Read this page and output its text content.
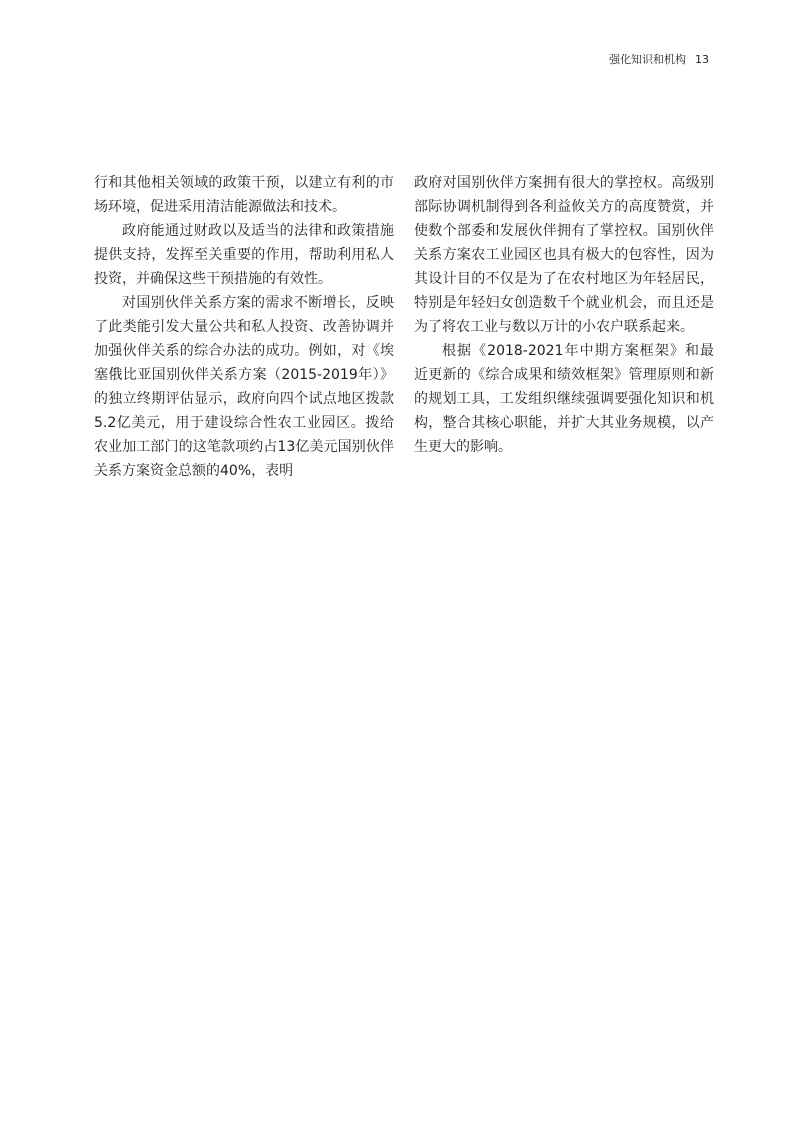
强化知识和机构 13

行和其他相关领域的政策干预，以建立有利的市场环境，促进采用清洁能源做法和技术。

政府能通过财政以及适当的法律和政策措施提供支持，发挥至关重要的作用，帮助利用私人投资，并确保这些干预措施的有效性。

对国别伙伴关系方案的需求不断增长，反映了此类能引发大量公共和私人投资、改善协调并加强伙伴关系的综合办法的成功。例如，对《埃塞俄比亚国别伙伴关系方案（2015-2019年）》的独立终期评估显示，政府向四个试点地区拨款5.2亿美元，用于建设综合性农工业园区。拨给农业加工部门的这笔款项约占13亿美元国别伙伴关系方案资金总额的40%，表明

政府对国别伙伴方案拥有很大的掌控权。高级别部际协调机制得到各利益攸关方的高度赞赏，并使数个部委和发展伙伴拥有了掌控权。国别伙伴关系方案农工业园区也具有极大的包容性，因为其设计目的不仅是为了在农村地区为年轻居民，特别是年轻妇女创造数千个就业机会，而且还是为了将农工业与数以万计的小农户联系起来。

根据《2018-2021年中期方案框架》和最近更新的《综合成果和绩效框架》管理原则和新的规划工具，工发组织继续强调要强化知识和机构，整合其核心职能，并扩大其业务规模，以产生更大的影响。
